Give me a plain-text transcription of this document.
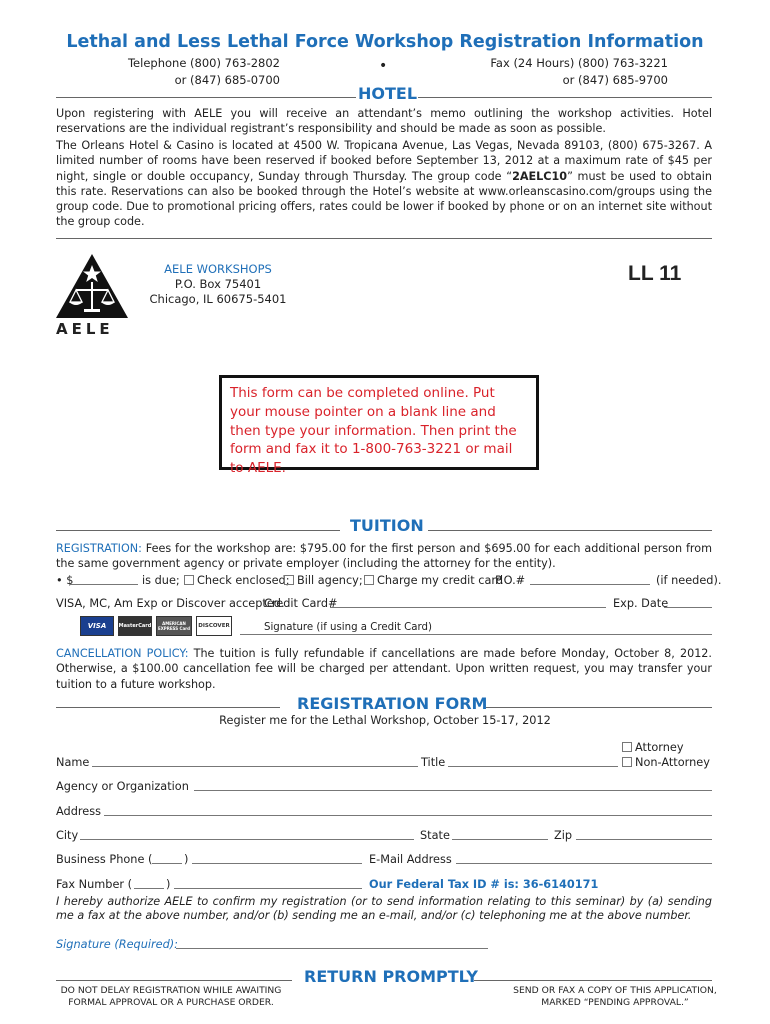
Lethal and Less Lethal Force Workshop Registration Information
Telephone (800) 763-2802
or (847) 685-0700
Fax (24 Hours) (800) 763-3221
or (847) 685-9700
•
HOTEL
Upon registering with AELE you will receive an attendant’s memo outlining the workshop activities. Hotel reservations are the individual registrant’s responsibility and should be made as soon as possible.
The Orleans Hotel & Casino is located at 4500 W. Tropicana Avenue, Las Vegas, Nevada 89103, (800) 675-3267. A limited number of rooms have been reserved if booked before September 13, 2012 at a maximum rate of $45 per night, single or double occupancy, Sunday through Thursday. The group code “2AELC10” must be used to obtain this rate. Reservations can also be booked through the Hotel’s website at www.orleanscasino.com/groups using the group code. Due to promotional pricing offers, rates could be lower if booked by phone or on an internet site without the group code.
AELE
AELE WORKSHOPS
P.O. Box 75401
Chicago, IL 60675-5401
LL 11
This form can be completed online. Put your mouse pointer on a blank line and then type your information. Then print the form and fax it to 1-800-763-3221 or mail to AELE.
TUITION
REGISTRATION: Fees for the workshop are: $795.00 for the first person and $695.00 for each additional person from the same government agency or private employer (including the attorney for the entity).
• $	is due;	Check enclosed; Bill agency;	Charge my credit card
P.O.#	(if needed).
VISA, MC, Am Exp or Discover accepted.
Credit Card#	Exp. Date
VISA	MasterCard	AMERICAN EXPRESS Card	DISCOVER	Signature (if using a Credit Card)
CANCELLATION POLICY: The tuition is fully refundable if cancellations are made before Monday, October 8, 2012. Otherwise, a $100.00 cancellation fee will be charged per attendant. Upon written request, you may transfer your tuition to a future workshop.
REGISTRATION FORM
Register me for the Lethal Workshop, October 15-17, 2012
Attorney
Non-Attorney
Name	Title
Agency or Organization
Address
City	State	Zip
Business Phone (	)	E-Mail Address
Fax Number (	)	Our Federal Tax ID # is: 36-6140171
I hereby authorize AELE to confirm my registration (or to send information relating to this seminar) by (a) sending me a fax at the above number, and/or (b) sending me an e-mail, and/or (c) telephoning me at the above number.
Signature (Required):
RETURN PROMPTLY
DO NOT DELAY REGISTRATION WHILE AWAITING
FORMAL APPROVAL OR A PURCHASE ORDER.
SEND OR FAX A COPY OF THIS APPLICATION,
MARKED “PENDING APPROVAL.”
